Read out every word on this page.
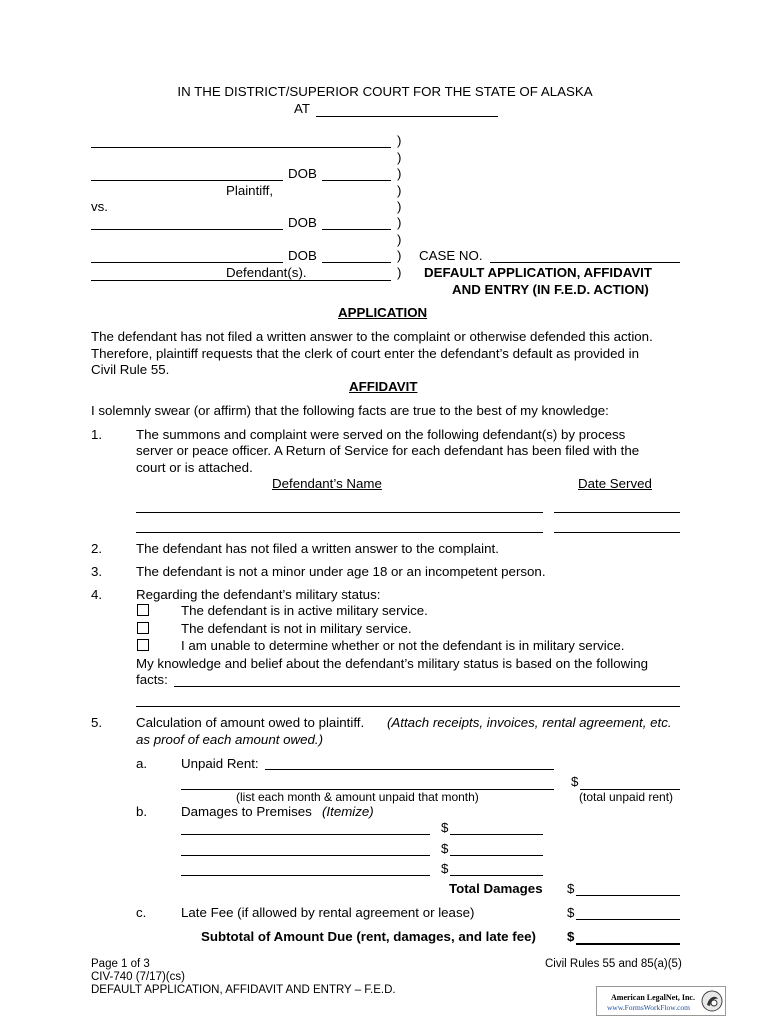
IN THE DISTRICT/SUPERIOR COURT FOR THE STATE OF ALASKA
AT
DOB
Plaintiff,
vs.
DOB
DOB
Defendant(s).
)
)
)
)
)
)
)
)
)
CASE NO.
DEFAULT APPLICATION, AFFIDAVIT
AND ENTRY (IN F.E.D. ACTION)
APPLICATION
The defendant has not filed a written answer to the complaint or otherwise defended this action.
Therefore, plaintiff requests that the clerk of court enter the defendant’s default as provided in
Civil Rule 55.
AFFIDAVIT
I solemnly swear (or affirm) that the following facts are true to the best of my knowledge:
1.	The summons and complaint were served on the following defendant(s) by process
server or peace officer. A Return of Service for each defendant has been filed with the
court or is attached.
Defendant’s Name	Date Served
2.	The defendant has not filed a written answer to the complaint.
3.	The defendant is not a minor under age 18 or an incompetent person.
4.	Regarding the defendant’s military status:
The defendant is in active military service.
The defendant is not in military service.
I am unable to determine whether or not the defendant is in military service.
My knowledge and belief about the defendant’s military status is based on the following
facts:
5.	Calculation of amount owed to plaintiff. (Attach receipts, invoices, rental agreement, etc.
as proof of each amount owed.)
a.	Unpaid Rent:
$
(list each month & amount unpaid that month)	(total unpaid rent)
b.	Damages to Premises (Itemize)
$
$
$
Total Damages $
c.	Late Fee (if allowed by rental agreement or lease)	$
Subtotal of Amount Due (rent, damages, and late fee) $
Page 1 of 3
CIV-740 (7/17)(cs)
DEFAULT APPLICATION, AFFIDAVIT AND ENTRY – F.E.D.
Civil Rules 55 and 85(a)(5)
American LegalNet, Inc.
www.FormsWorkFlow.com
